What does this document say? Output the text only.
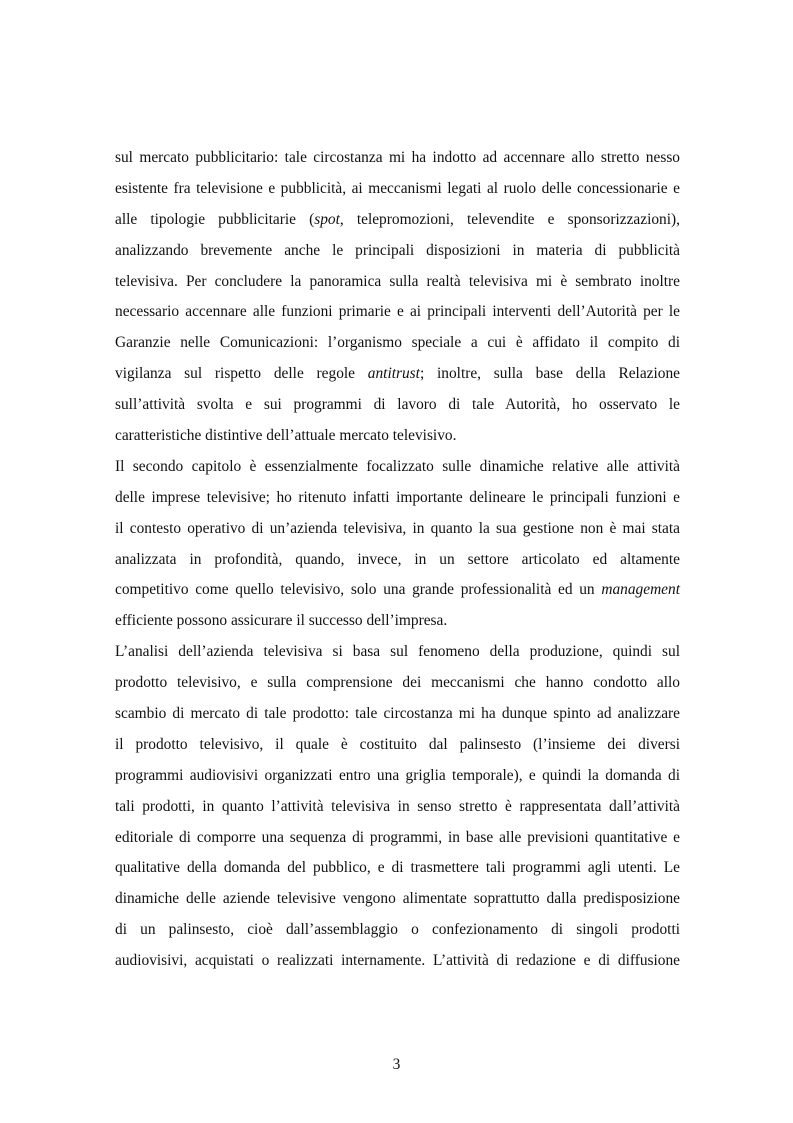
sul mercato pubblicitario: tale circostanza mi ha indotto ad accennare allo stretto nesso
esistente fra televisione e pubblicità, ai meccanismi legati al ruolo delle concessionarie e
alle tipologie pubblicitarie (spot, telepromozioni, televendite e sponsorizzazioni),
analizzando brevemente anche le principali disposizioni in materia di pubblicità
televisiva. Per concludere la panoramica sulla realtà televisiva mi è sembrato inoltre
necessario accennare alle funzioni primarie e ai principali interventi dell’Autorità per le
Garanzie nelle Comunicazioni: l’organismo speciale a cui è affidato il compito di
vigilanza sul rispetto delle regole antitrust; inoltre, sulla base della Relazione
sull’attività svolta e sui programmi di lavoro di tale Autorità, ho osservato le
caratteristiche distintive dell’attuale mercato televisivo.

Il secondo capitolo è essenzialmente focalizzato sulle dinamiche relative alle attività
delle imprese televisive; ho ritenuto infatti importante delineare le principali funzioni e
il contesto operativo di un’azienda televisiva, in quanto la sua gestione non è mai stata
analizzata in profondità, quando, invece, in un settore articolato ed altamente
competitivo come quello televisivo, solo una grande professionalità ed un management
efficiente possono assicurare il successo dell’impresa.

L’analisi dell’azienda televisiva si basa sul fenomeno della produzione, quindi sul
prodotto televisivo, e sulla comprensione dei meccanismi che hanno condotto allo
scambio di mercato di tale prodotto: tale circostanza mi ha dunque spinto ad analizzare
il prodotto televisivo, il quale è costituito dal palinsesto (l’insieme dei diversi
programmi audiovisivi organizzati entro una griglia temporale), e quindi la domanda di
tali prodotti, in quanto l’attività televisiva in senso stretto è rappresentata dall’attività
editoriale di comporre una sequenza di programmi, in base alle previsioni quantitative e
qualitative della domanda del pubblico, e di trasmettere tali programmi agli utenti. Le
dinamiche delle aziende televisive vengono alimentate soprattutto dalla predisposizione
di un palinsesto, cioè dall’assemblaggio o confezionamento di singoli prodotti
audiovisivi, acquistati o realizzati internamente. L’attività di redazione e di diffusione

3
